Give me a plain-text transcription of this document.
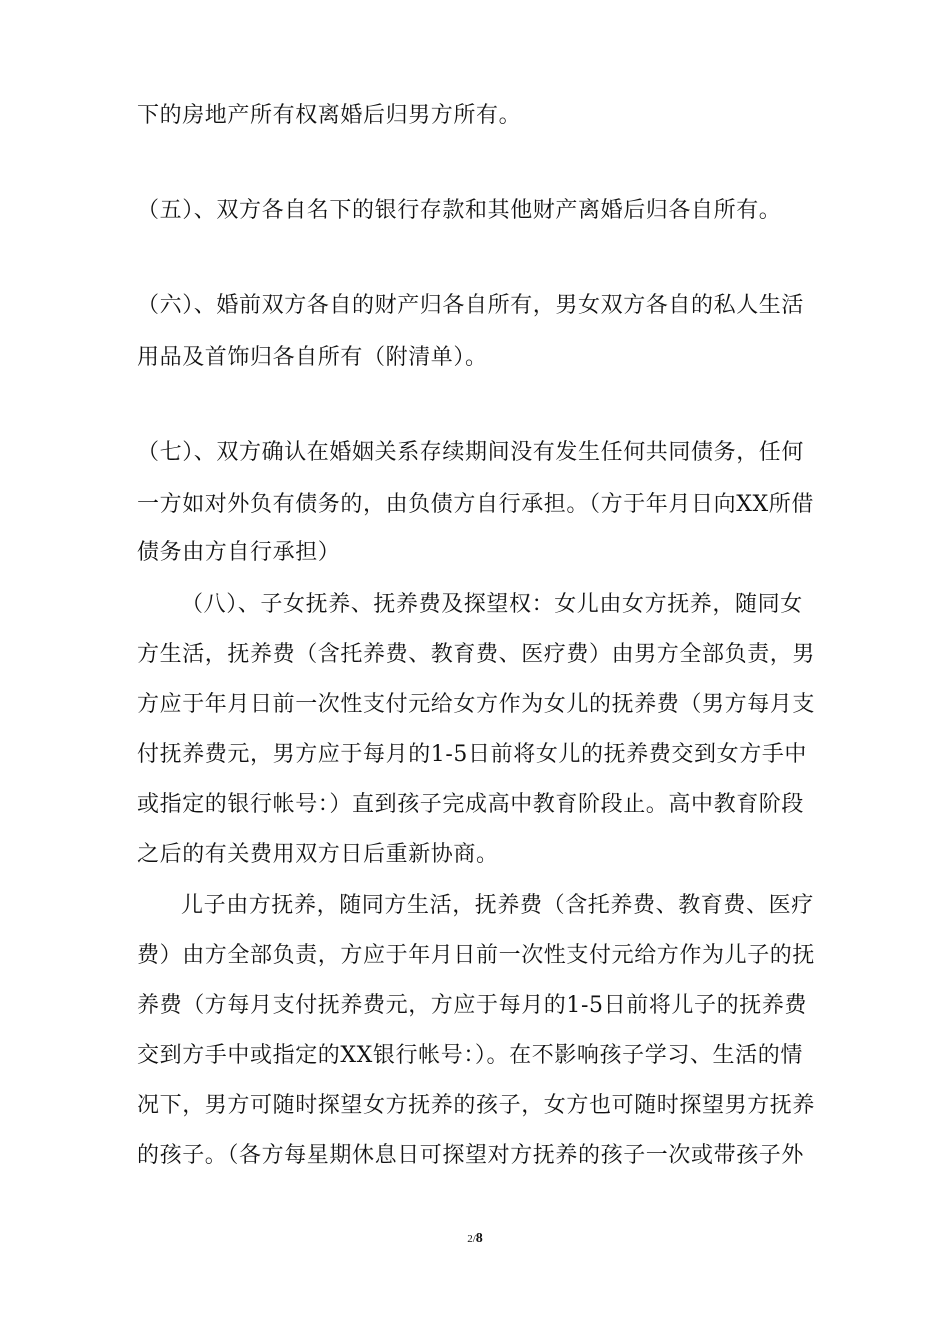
下的房地产所有权离婚后归男方所有。
（五）、双方各自名下的银行存款和其他财产离婚后归各自所有。
（六）、婚前双方各自的财产归各自所有，男女双方各自的私人生活
用品及首饰归各自所有（附清单）。
（七）、双方确认在婚姻关系存续期间没有发生任何共同债务，任何
一方如对外负有债务的，由负债方自行承担。（方于年月日向XX所借
债务由方自行承担）
（八）、子女抚养、抚养费及探望权：女儿由女方抚养，随同女
方生活，抚养费（含托养费、教育费、医疗费）由男方全部负责，男
方应于年月日前一次性支付元给女方作为女儿的抚养费（男方每月支
付抚养费元，男方应于每月的1-5日前将女儿的抚养费交到女方手中
或指定的银行帐号：）直到孩子完成高中教育阶段止。高中教育阶段
之后的有关费用双方日后重新协商。
儿子由方抚养，随同方生活，抚养费（含托养费、教育费、医疗
费）由方全部负责，方应于年月日前一次性支付元给方作为儿子的抚
养费（方每月支付抚养费元，方应于每月的1-5日前将儿子的抚养费
交到方手中或指定的XX银行帐号：）。在不影响孩子学习、生活的情
况下，男方可随时探望女方抚养的孩子，女方也可随时探望男方抚养
的孩子。（各方每星期休息日可探望对方抚养的孩子一次或带孩子外
2/8
